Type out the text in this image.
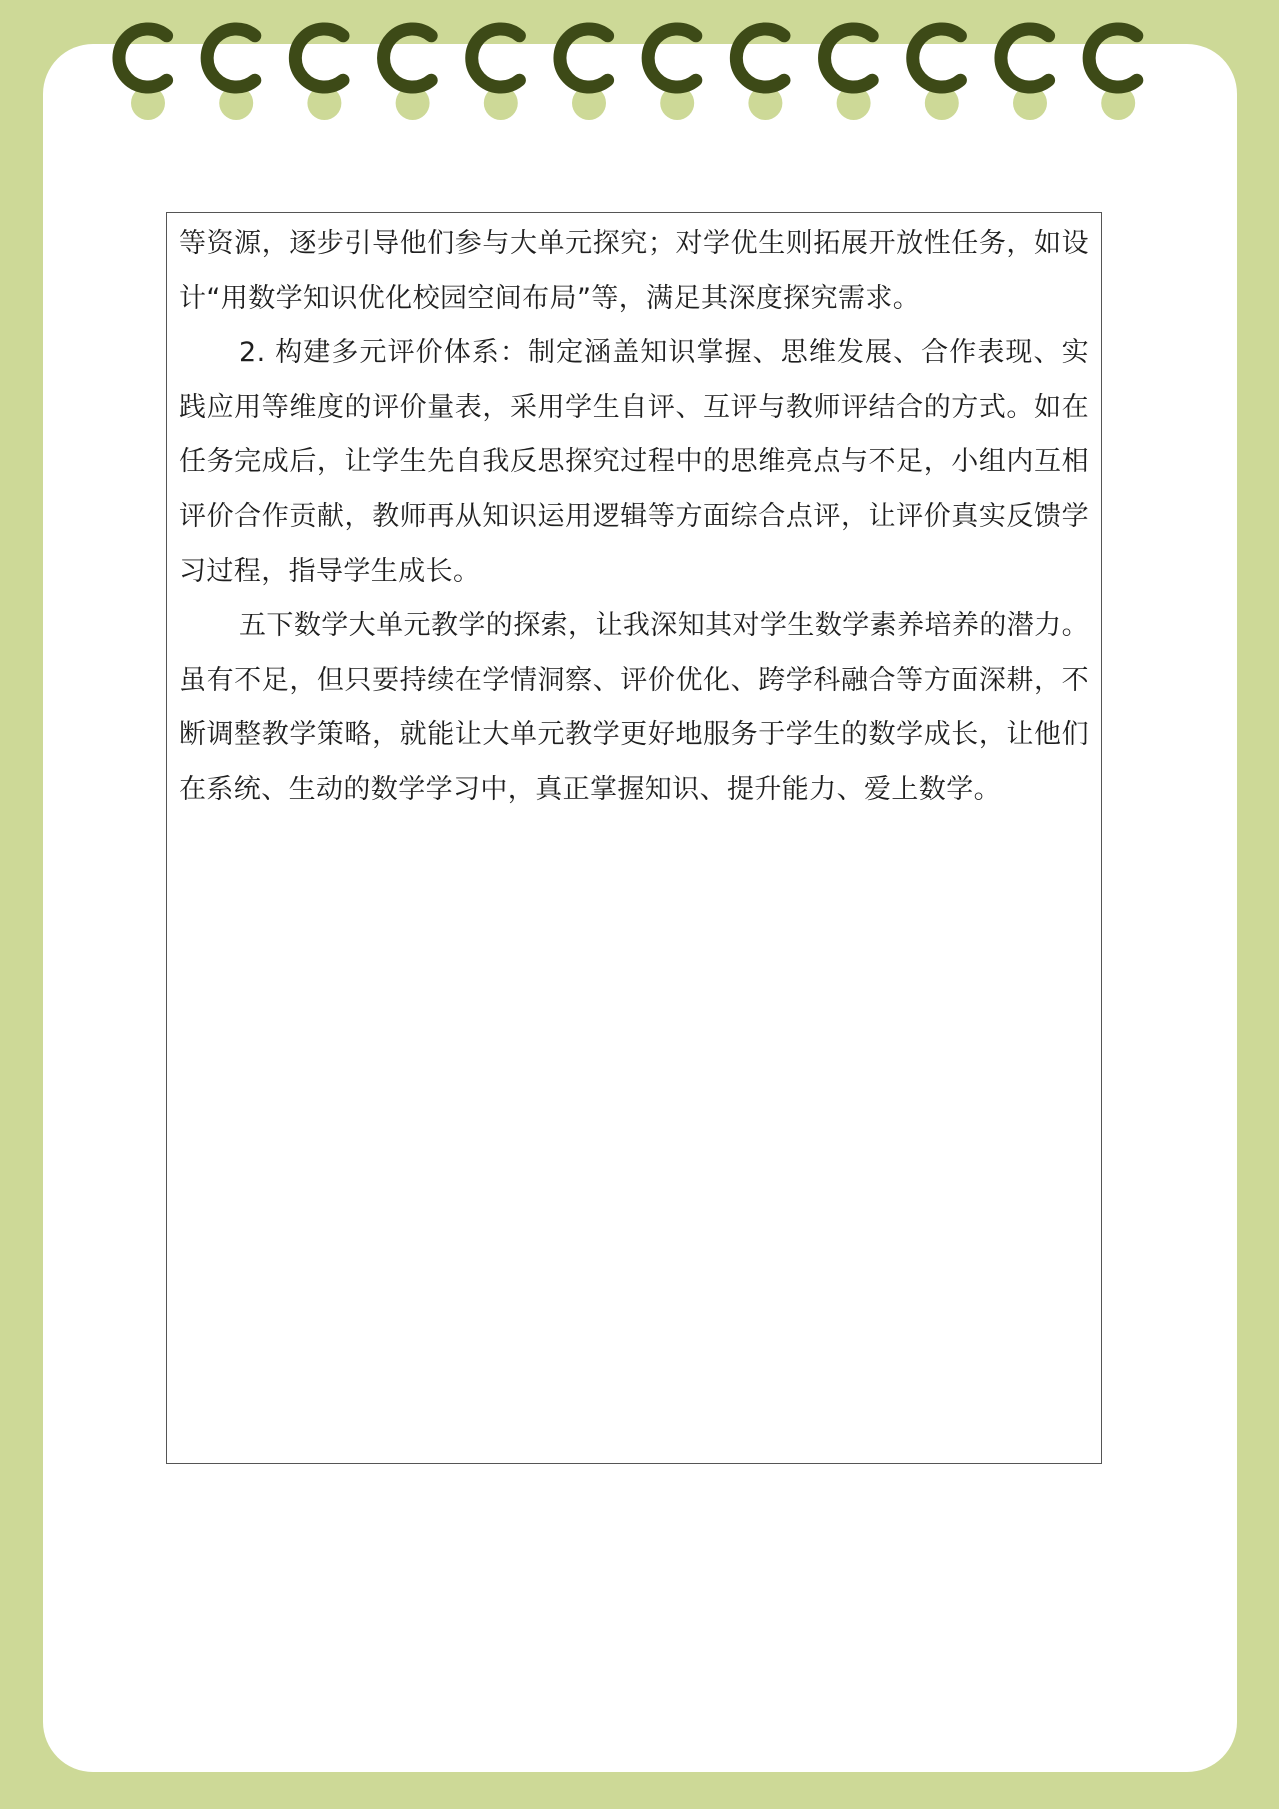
等资源，逐步引导他们参与大单元探究；对学优生则拓展开放性任务，如设计“用数学知识优化校园空间布局”等，满足其深度探究需求。

2. 构建多元评价体系：制定涵盖知识掌握、思维发展、合作表现、实践应用等维度的评价量表，采用学生自评、互评与教师评结合的方式。如在任务完成后，让学生先自我反思探究过程中的思维亮点与不足，小组内互相评价合作贡献，教师再从知识运用逻辑等方面综合点评，让评价真实反馈学习过程，指导学生成长。

五下数学大单元教学的探索，让我深知其对学生数学素养培养的潜力。虽有不足，但只要持续在学情洞察、评价优化、跨学科融合等方面深耕，不断调整教学策略，就能让大单元教学更好地服务于学生的数学成长，让他们在系统、生动的数学学习中，真正掌握知识、提升能力、爱上数学。
